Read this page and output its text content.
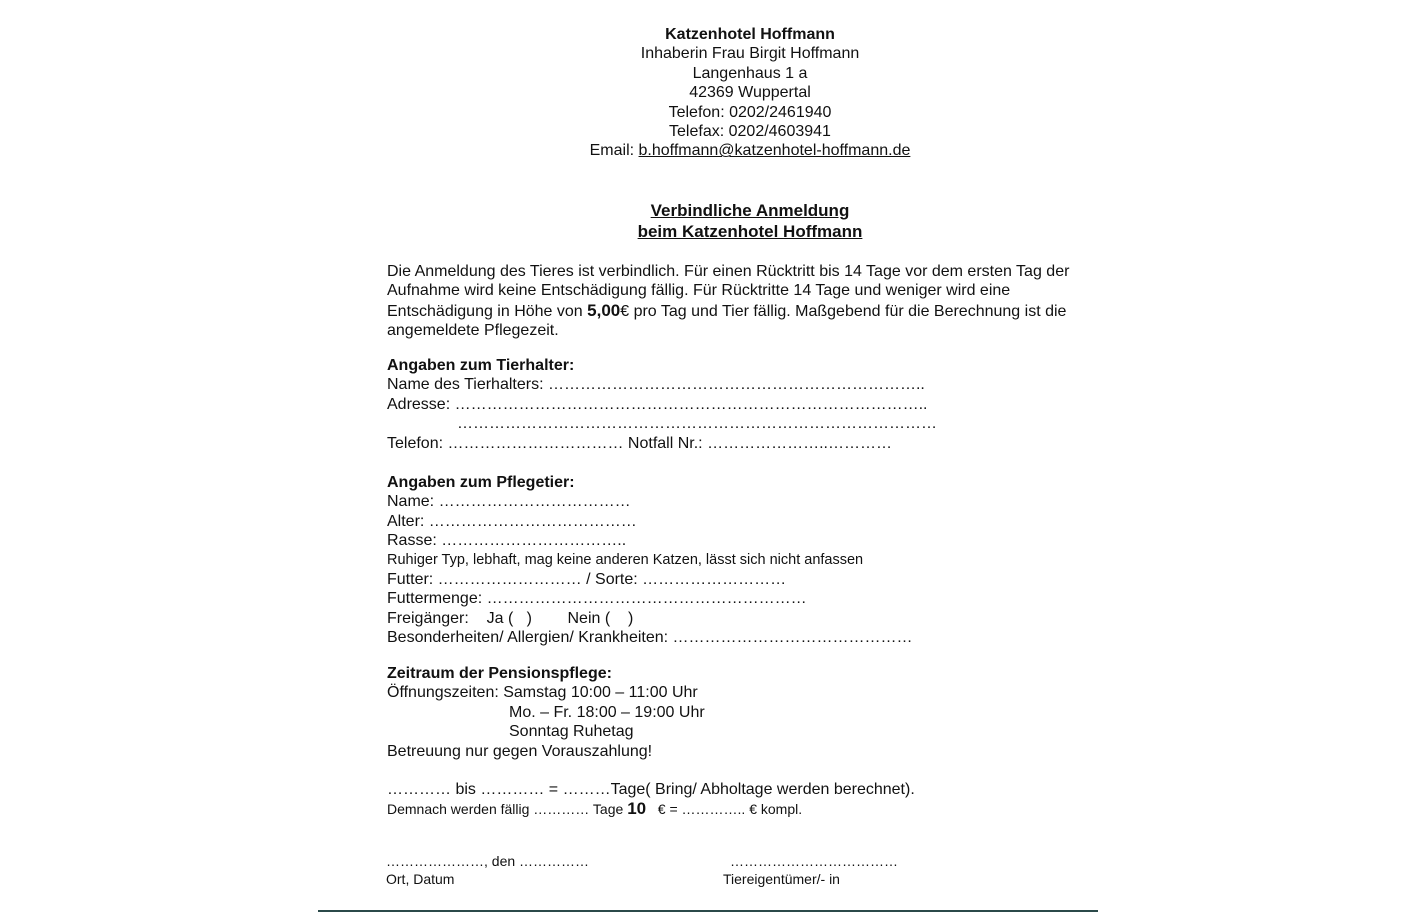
Katzenhotel Hoffmann
Inhaberin Frau Birgit Hoffmann
Langenhaus 1 a
42369 Wuppertal
Telefon: 0202/2461940
Telefax: 0202/4603941
Email: b.hoffmann@katzenhotel-hoffmann.de
Verbindliche Anmeldung
beim Katzenhotel Hoffmann
Die Anmeldung des Tieres ist verbindlich. Für einen Rücktritt bis 14 Tage vor dem ersten Tag der Aufnahme wird keine Entschädigung fällig. Für Rücktritte 14 Tage und weniger wird eine Entschädigung in Höhe von 5,00€ pro Tag und Tier fällig. Maßgebend für die Berechnung ist die angemeldete Pflegezeit.
Angaben zum Tierhalter:
Name des Tierhalters: ……………………………………………………………..
Adresse: ……………………………………………………………………………..
………………………………………………………………………………
Telefon: …………………………… Notfall Nr.: …………………..…………
Angaben zum Pflegetier:
Name: ………………………………
Alter: …………………………………
Rasse: ……………………………..
Ruhiger Typ, lebhaft, mag keine anderen Katzen, lässt sich nicht anfassen
Futter: ……………………… / Sorte: ………………………
Futtermenge: ……………………………………………………
Freigänger:    Ja (   )        Nein (    )
Besonderheiten/ Allergien/ Krankheiten: ………………………………………
Zeitraum der Pensionspflege:
Öffnungszeiten: Samstag 10:00 – 11:00 Uhr
Mo. – Fr. 18:00 – 19:00 Uhr
Sonntag Ruhetag
Betreuung nur gegen Vorauszahlung!
………… bis ………… = ………Tage( Bring/ Abholtage werden berechnet).
Demnach werden fällig ………… Tage 10   € = ………….. € kompl.
…………………, den ……………
Ort, Datum
………………………………
Tiereigentümer/- in
